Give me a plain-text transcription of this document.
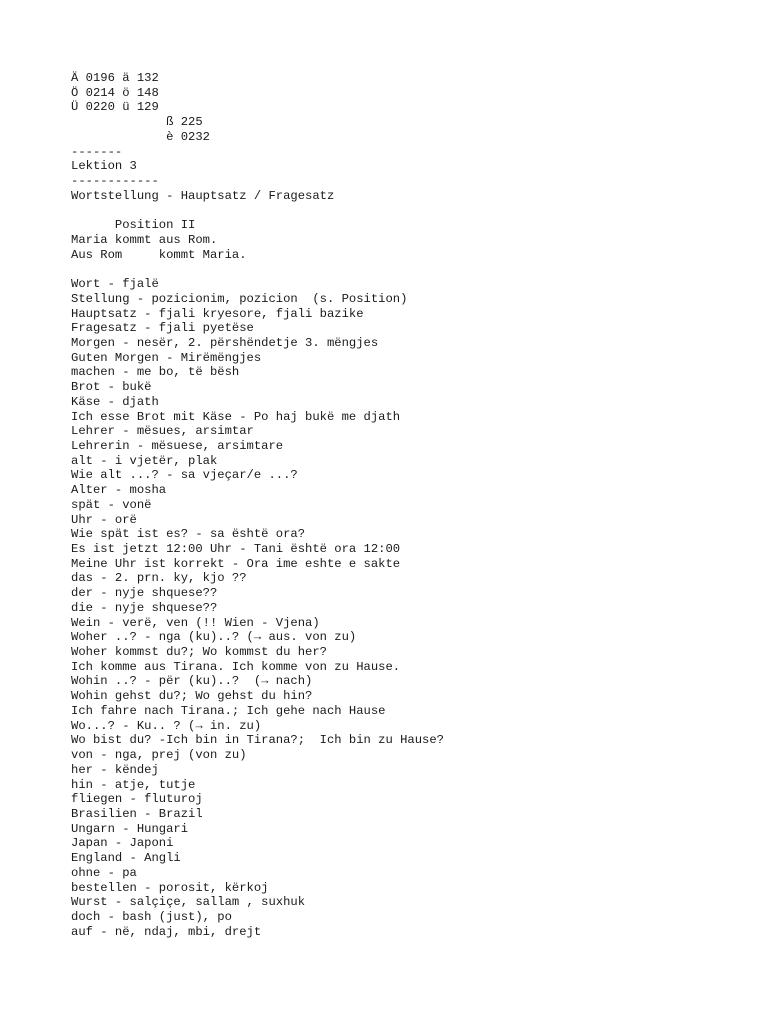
Ä 0196 ä 132
Ö 0214 ö 148
Ü 0220 ü 129
ß 225
è 0232
-------
Lektion 3
------------
Wortstellung - Hauptsatz / Fragesatz
Position II
Maria kommt aus Rom.
Aus Rom     kommt Maria.
Wort - fjalë
Stellung - pozicionim, pozicion  (s. Position)
Hauptsatz - fjali kryesore, fjali bazike
Fragesatz - fjali pyetëse
Morgen - nesër, 2. përshëndetje 3. mëngjes
Guten Morgen - Mirëmëngjes
machen - me bo, të bësh
Brot - bukë
Käse - djath
Ich esse Brot mit Käse - Po haj bukë me djath
Lehrer - mësues, arsimtar
Lehrerin - mësuese, arsimtare
alt - i vjetër, plak
Wie alt ...? - sa vjeçar/e ...?
Alter - mosha
spät - vonë
Uhr - orë
Wie spät ist es? - sa është ora?
Es ist jetzt 12:00 Uhr - Tani është ora 12:00
Meine Uhr ist korrekt - Ora ime eshte e sakte
das - 2. prn. ky, kjo ??
der - nyje shquese??
die - nyje shquese??
Wein - verë, ven (!! Wien - Vjena)
Woher ..? - nga (ku)..? (→ aus. von zu)
Woher kommst du?; Wo kommst du her?
Ich komme aus Tirana. Ich komme von zu Hause.
Wohin ..? - për (ku)..?  (→ nach)
Wohin gehst du?; Wo gehst du hin?
Ich fahre nach Tirana.; Ich gehe nach Hause
Wo...? - Ku.. ? (→ in. zu)
Wo bist du? -Ich bin in Tirana?;  Ich bin zu Hause?
von - nga, prej (von zu)
her - këndej
hin - atje, tutje
fliegen - fluturoj
Brasilien - Brazil
Ungarn - Hungari
Japan - Japoni
England - Angli
ohne - pa
bestellen - porosit, kërkoj
Wurst - salçiçe, sallam , suxhuk
doch - bash (just), po
auf - në, ndaj, mbi, drejt
